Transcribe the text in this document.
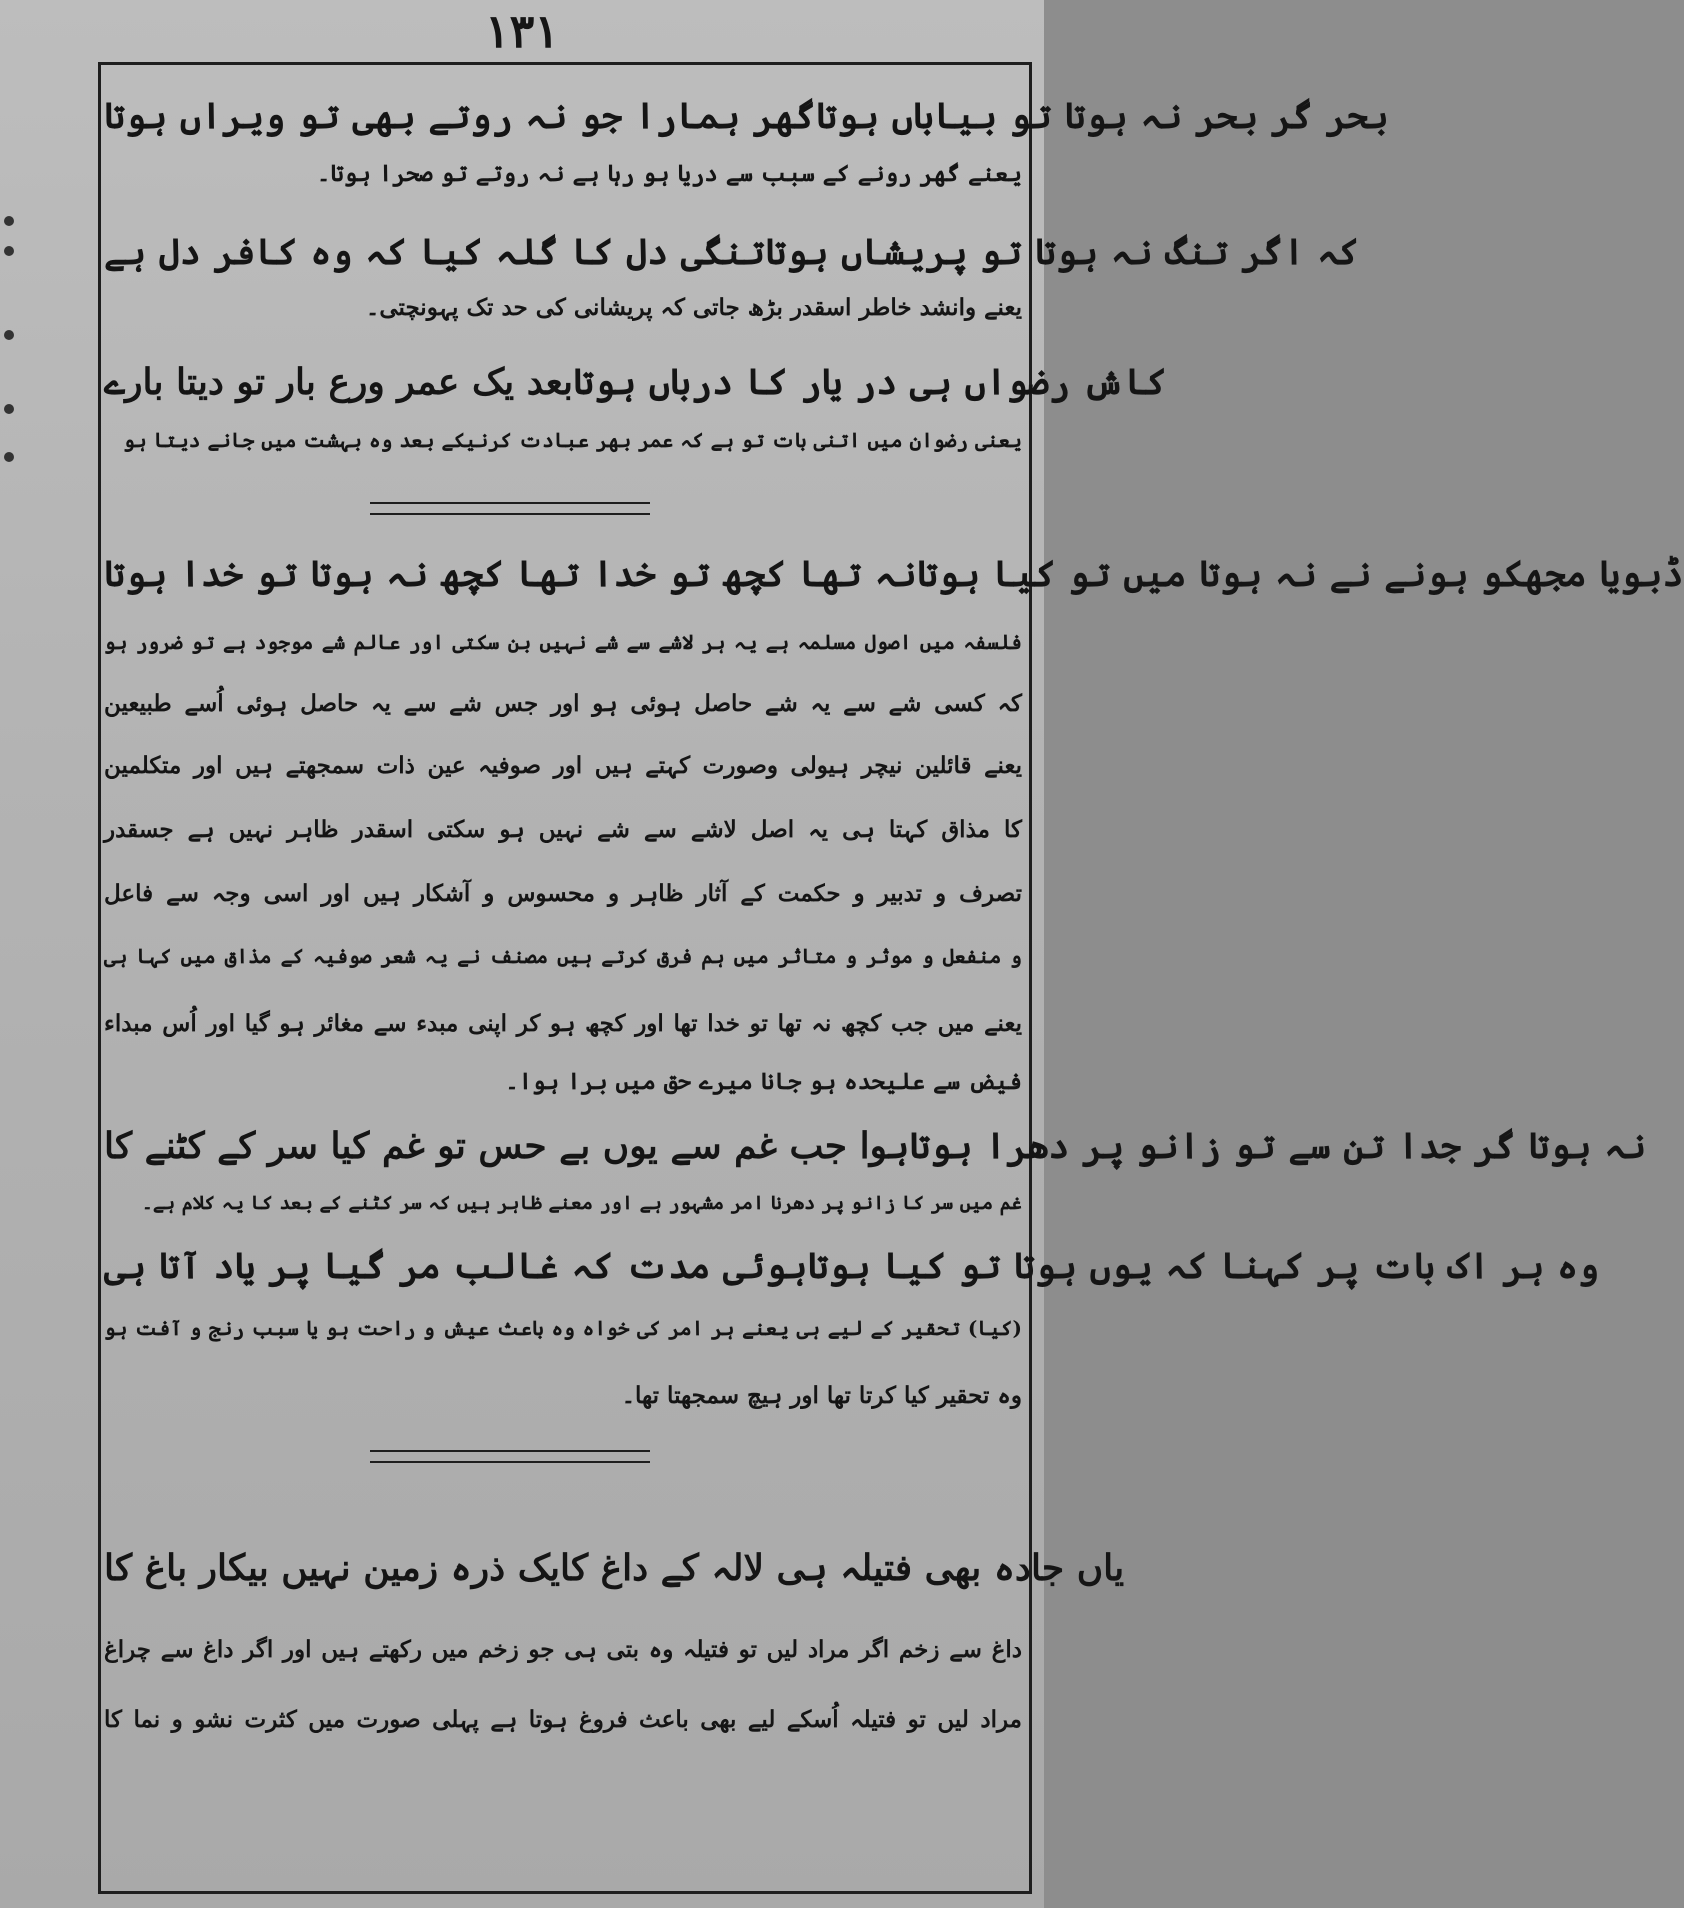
۱۳۱
گھر ہمارا جو نہ روتے بھی تو ویراں ہوتا بحر گر بحر نہ ہوتا تو بیاباں ہوتا
یعنے گھر رونے کے سبب سے دریا ہو رہا ہے نہ روتے تو صحرا ہوتا۔
تنگی دل کا گلہ کیا کہ وہ کافر دل ہے کہ اگر تنگ نہ ہوتا تو پریشاں ہوتا
یعنے وانشد خاطر اسقدر بڑھ جاتی کہ پریشانی کی حد تک پہونچتی۔
بعد یک عمر ورع بار تو دیتا بارے کاش رضواں ہی در یار کا درباں ہوتا
یعنی رضوان میں اتنی بات تو ہے کہ عمر بھر عبادت کرنیکے بعد وہ بہشت میں جانے دیتا ہو
نہ تھا کچھ تو خدا تھا کچھ نہ ہوتا تو خدا ہوتا ڈبویا مجھکو ہونے نے نہ ہوتا میں تو کیا ہوتا
فلسفہ میں اصول مسلمہ ہے یہ ہر لاشے سے شے نہیں بن سکتی اور عالم شے موجود ہے تو ضرور ہو
کہ کسی شے سے یہ شے حاصل ہوئی ہو اور جس شے سے یہ حاصل ہوئی اُسے طبیعین
یعنے قائلین نیچر ہیولی وصورت کہتے ہیں اور صوفیہ عین ذات سمجھتے ہیں اور متکلمین
کا مذاق کہتا ہی یہ اصل لاشے سے شے نہیں ہو سکتی اسقدر ظاہر نہیں ہے جسقدر
تصرف و تدبیر و حکمت کے آثار ظاہر و محسوس و آشکار ہیں اور اسی وجہ سے فاعل
و منفعل و موثر و متاثر میں ہم فرق کرتے ہیں مصنف نے یہ شعر صوفیہ کے مذاق میں کہا ہی
یعنے میں جب کچھ نہ تھا تو خدا تھا اور کچھ ہو کر اپنی مبدء سے مغائر ہو گیا اور اُس مبداء
فیض سے علیحدہ ہو جانا میرے حق میں برا ہوا۔
ہوا جب غم سے یوں بے حس تو غم کیا سر کے کٹنے کا نہ ہوتا گر جدا تن سے تو زانو پر دھرا ہوتا
غم میں سر کا زانو پر دھرنا امر مشہور ہے اور معنے ظاہر ہیں کہ سر کٹنے کے بعد کا یہ کلام ہے۔
ہوئی مدت کہ غالب مر گیا پر یاد آتا ہی وہ ہر اک بات پر کہنا کہ یوں ہوتا تو کیا ہوتا
(کیا) تحقیر کے لیے ہی یعنے ہر امر کی خواہ وہ باعث عیش و راحت ہو یا سبب رنج و آفت ہو
وہ تحقیر کیا کرتا تھا اور ہیچ سمجھتا تھا۔
یک ذرہ زمین نہیں بیکار باغ کا یاں جادہ بھی فتیلہ ہی لالہ کے داغ کا
داغ سے زخم اگر مراد لیں تو فتیلہ وہ بتی ہی جو زخم میں رکھتے ہیں اور اگر داغ سے چراغ
مراد لیں تو فتیلہ اُسکے لیے بھی باعث فروغ ہوتا ہے پہلی صورت میں کثرت نشو و نما کا
